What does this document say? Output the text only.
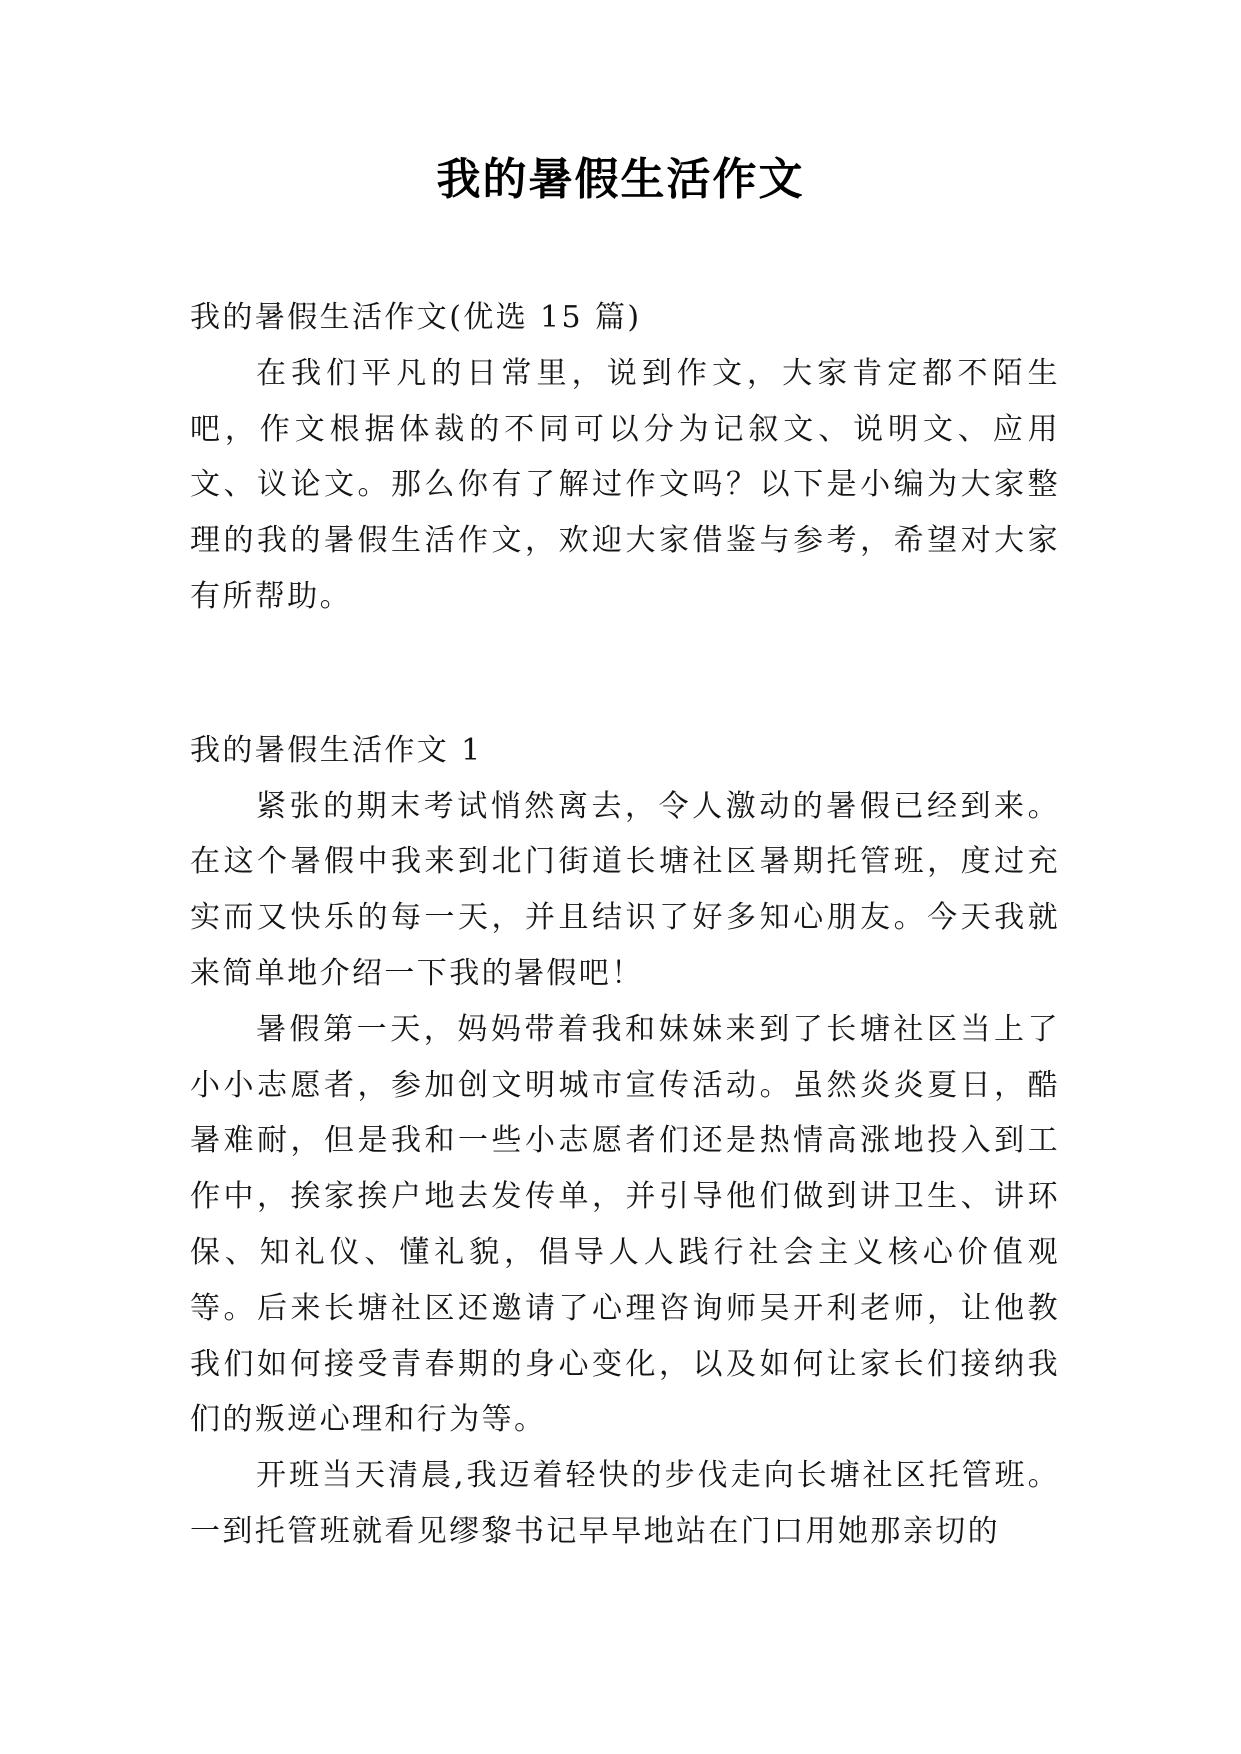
我的暑假生活作文

我的暑假生活作文(优选 15 篇)

在我们平凡的日常里，说到作文，大家肯定都不陌生吧，作文根据体裁的不同可以分为记叙文、说明文、应用文、议论文。那么你有了解过作文吗？以下是小编为大家整理的我的暑假生活作文，欢迎大家借鉴与参考，希望对大家有所帮助。

我的暑假生活作文 1

紧张的期末考试悄然离去，令人激动的暑假已经到来。在这个暑假中我来到北门街道长塘社区暑期托管班，度过充实而又快乐的每一天，并且结识了好多知心朋友。今天我就来简单地介绍一下我的暑假吧！

暑假第一天，妈妈带着我和妹妹来到了长塘社区当上了小小志愿者，参加创文明城市宣传活动。虽然炎炎夏日，酷暑难耐，但是我和一些小志愿者们还是热情高涨地投入到工作中，挨家挨户地去发传单，并引导他们做到讲卫生、讲环保、知礼仪、懂礼貌，倡导人人践行社会主义核心价值观等。后来长塘社区还邀请了心理咨询师吴开利老师，让他教我们如何接受青春期的身心变化，以及如何让家长们接纳我们的叛逆心理和行为等。

开班当天清晨,我迈着轻快的步伐走向长塘社区托管班。一到托管班就看见缪黎书记早早地站在门口用她那亲切的
